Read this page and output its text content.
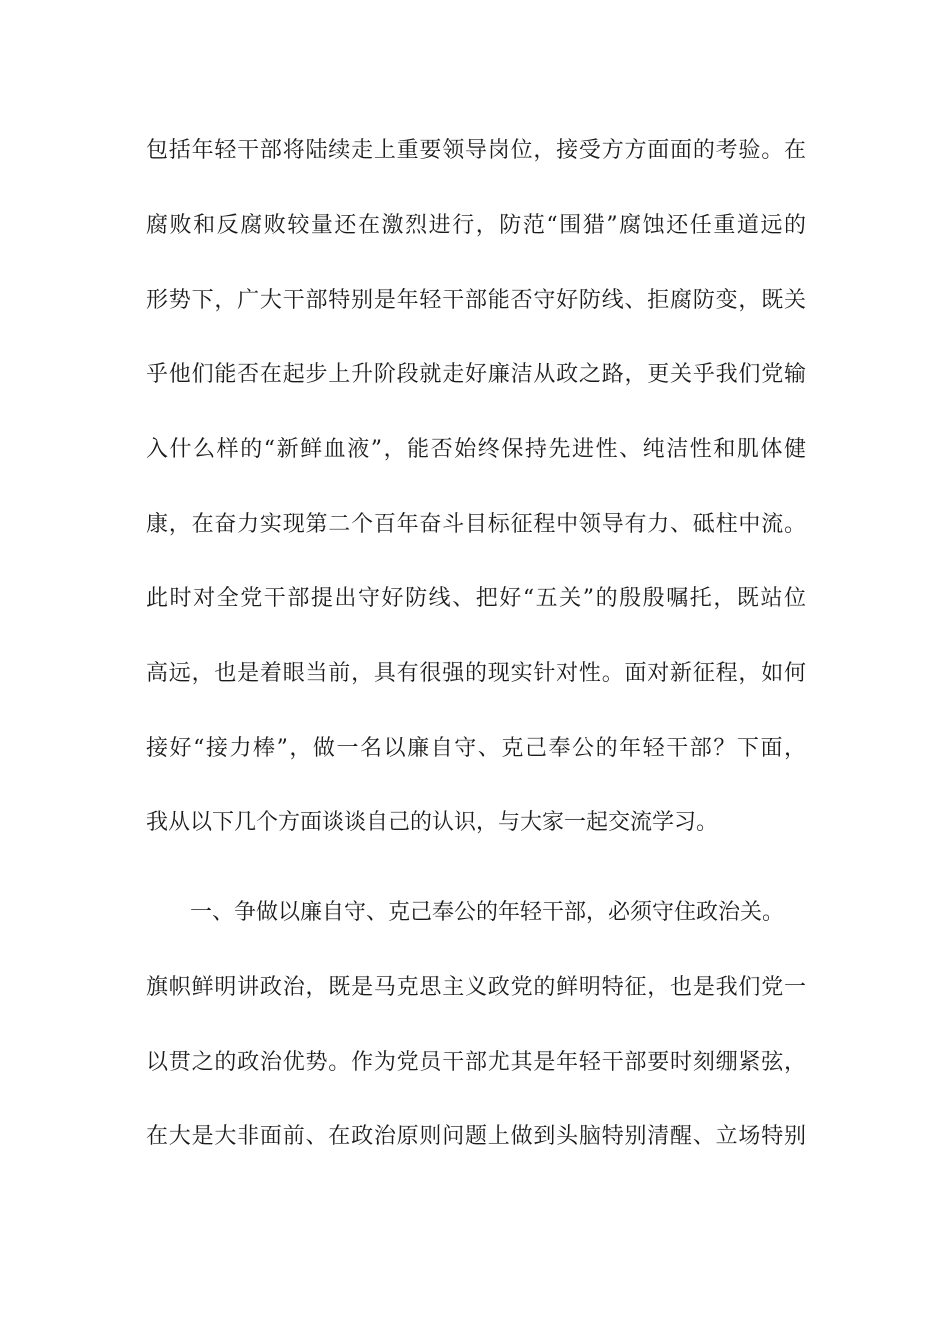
包括年轻干部将陆续走上重要领导岗位，接受方方面面的考验。在
腐败和反腐败较量还在激烈进行，防范“围猎”腐蚀还任重道远的
形势下，广大干部特别是年轻干部能否守好防线、拒腐防变，既关
乎他们能否在起步上升阶段就走好廉洁从政之路，更关乎我们党输
入什么样的“新鲜血液”，能否始终保持先进性、纯洁性和肌体健
康，在奋力实现第二个百年奋斗目标征程中领导有力、砥柱中流。
此时对全党干部提出守好防线、把好“五关”的殷殷嘱托，既站位
高远，也是着眼当前，具有很强的现实针对性。面对新征程，如何
接好“接力棒”，做一名以廉自守、克己奉公的年轻干部？下面，
我从以下几个方面谈谈自己的认识，与大家一起交流学习。
一、争做以廉自守、克己奉公的年轻干部，必须守住政治关。
旗帜鲜明讲政治，既是马克思主义政党的鲜明特征，也是我们党一
以贯之的政治优势。作为党员干部尤其是年轻干部要时刻绷紧弦，
在大是大非面前、在政治原则问题上做到头脑特别清醒、立场特别
